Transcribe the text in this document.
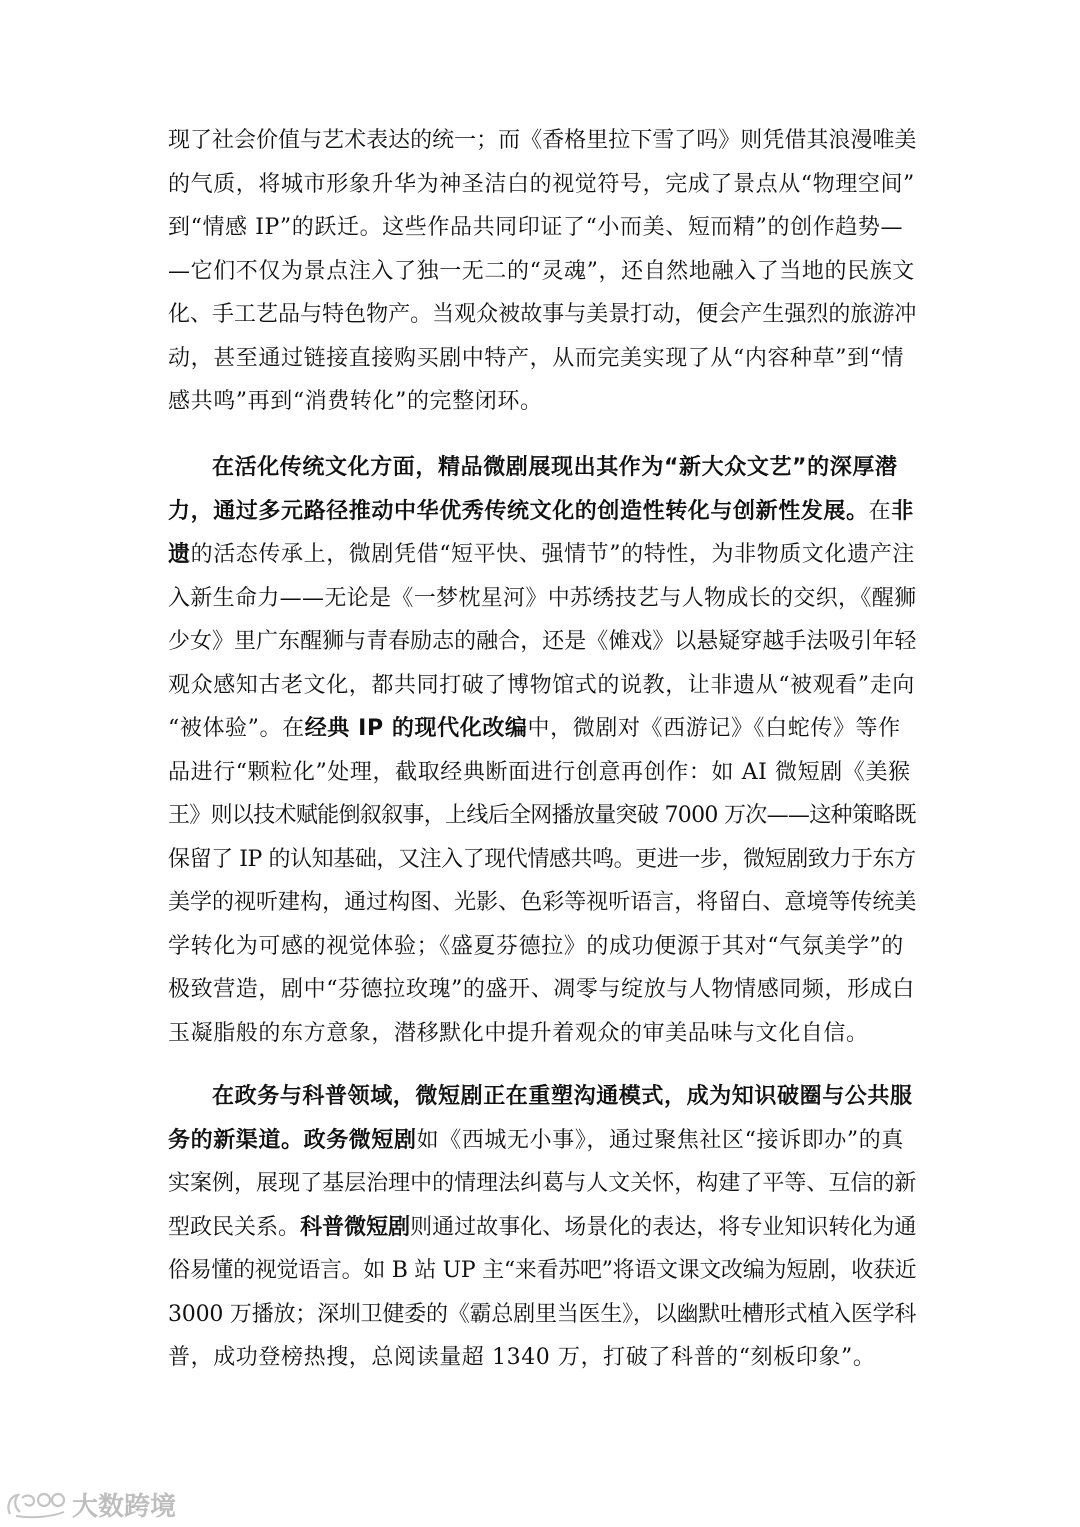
现了社会价值与艺术表达的统一；而《香格里拉下雪了吗》则凭借其浪漫唯美
的气质，将城市形象升华为神圣洁白的视觉符号，完成了景点从“物理空间”
到“情感 IP”的跃迁。这些作品共同印证了“小而美、短而精”的创作趋势—
—它们不仅为景点注入了独一无二的“灵魂”，还自然地融入了当地的民族文
化、手工艺品与特色物产。当观众被故事与美景打动，便会产生强烈的旅游冲
动，甚至通过链接直接购买剧中特产，从而完美实现了从“内容种草”到“情
感共鸣”再到“消费转化”的完整闭环。
在活化传统文化方面，精品微剧展现出其作为“新大众文艺”的深厚潜
力，通过多元路径推动中华优秀传统文化的创造性转化与创新性发展。在非
遗的活态传承上，微剧凭借“短平快、强情节”的特性，为非物质文化遗产注
入新生命力——无论是《一梦枕星河》中苏绣技艺与人物成长的交织，《醒狮
少女》里广东醒狮与青春励志的融合，还是《傩戏》以悬疑穿越手法吸引年轻
观众感知古老文化，都共同打破了博物馆式的说教，让非遗从“被观看”走向
“被体验”。在经典 IP 的现代化改编中，微剧对《西游记》《白蛇传》等作
品进行“颗粒化”处理，截取经典断面进行创意再创作：如 AI 微短剧《美猴
王》则以技术赋能倒叙叙事，上线后全网播放量突破 7000 万次——这种策略既
保留了 IP 的认知基础，又注入了现代情感共鸣。更进一步，微短剧致力于东方
美学的视听建构，通过构图、光影、色彩等视听语言，将留白、意境等传统美
学转化为可感的视觉体验；《盛夏芬德拉》的成功便源于其对“气氛美学”的
极致营造，剧中“芬德拉玫瑰”的盛开、凋零与绽放与人物情感同频，形成白
玉凝脂般的东方意象，潜移默化中提升着观众的审美品味与文化自信。
在政务与科普领域，微短剧正在重塑沟通模式，成为知识破圈与公共服
务的新渠道。政务微短剧如《西城无小事》，通过聚焦社区“接诉即办”的真
实案例，展现了基层治理中的情理法纠葛与人文关怀，构建了平等、互信的新
型政民关系。科普微短剧则通过故事化、场景化的表达，将专业知识转化为通
俗易懂的视觉语言。如 B 站 UP 主“来看苏吧”将语文课文改编为短剧，收获近
3000 万播放；深圳卫健委的《霸总剧里当医生》，以幽默吐槽形式植入医学科
普，成功登榜热搜，总阅读量超 1340 万，打破了科普的“刻板印象”。
大数跨境
